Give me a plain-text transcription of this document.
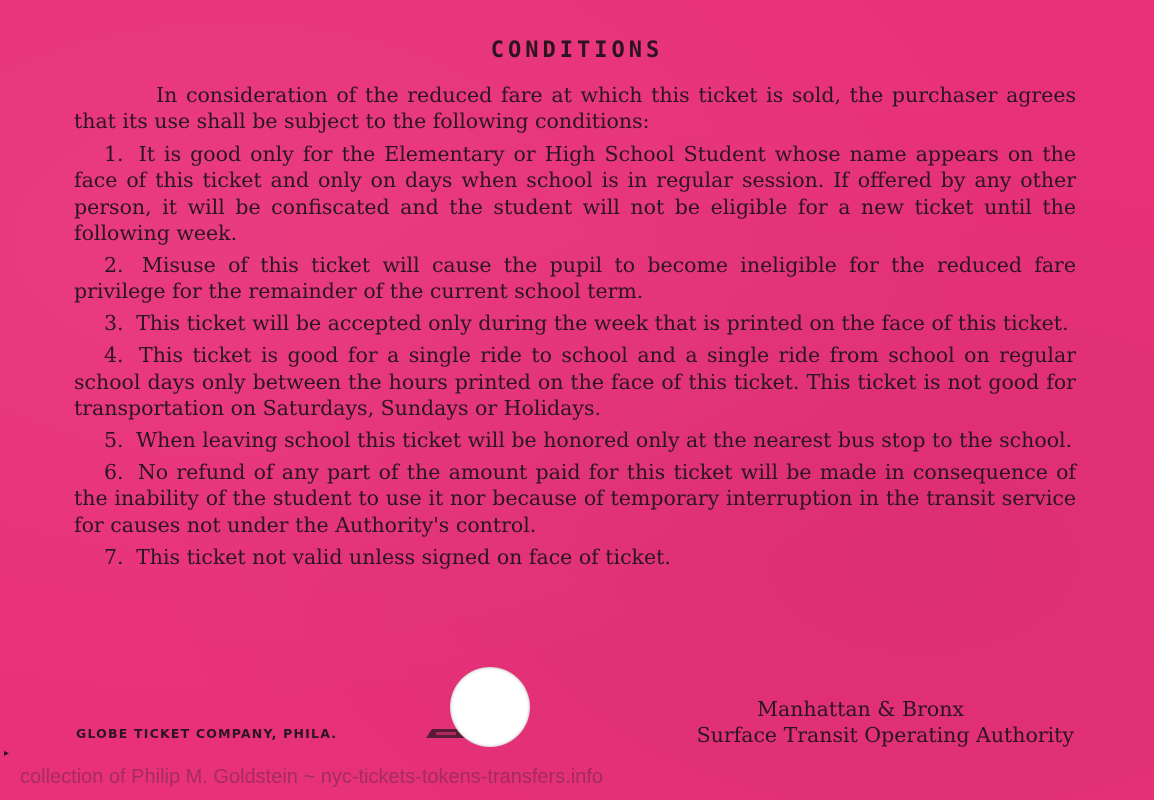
CONDITIONS

In consideration of the reduced fare at which this ticket is sold, the purchaser agrees that its use shall be subject to the following conditions:

1. It is good only for the Elementary or High School Student whose name appears on the face of this ticket and only on days when school is in regular session. If offered by any other person, it will be confiscated and the student will not be eligible for a new ticket until the following week.

2. Misuse of this ticket will cause the pupil to become ineligible for the reduced fare privilege for the remainder of the current school term.

3. This ticket will be accepted only during the week that is printed on the face of this ticket.

4. This ticket is good for a single ride to school and a single ride from school on regular school days only between the hours printed on the face of this ticket. This ticket is not good for transportation on Saturdays, Sundays or Holidays.

5. When leaving school this ticket will be honored only at the nearest bus stop to the school.

6. No refund of any part of the amount paid for this ticket will be made in consequence of the inability of the student to use it nor because of temporary interruption in the transit service for causes not under the Authority's control.

7. This ticket not valid unless signed on face of ticket.

Manhattan & Bronx
Surface Transit Operating Authority
GLOBE TICKET COMPANY, PHILA.
▸
collection of Philip M. Goldstein ~ nyc-tickets-tokens-transfers.info
